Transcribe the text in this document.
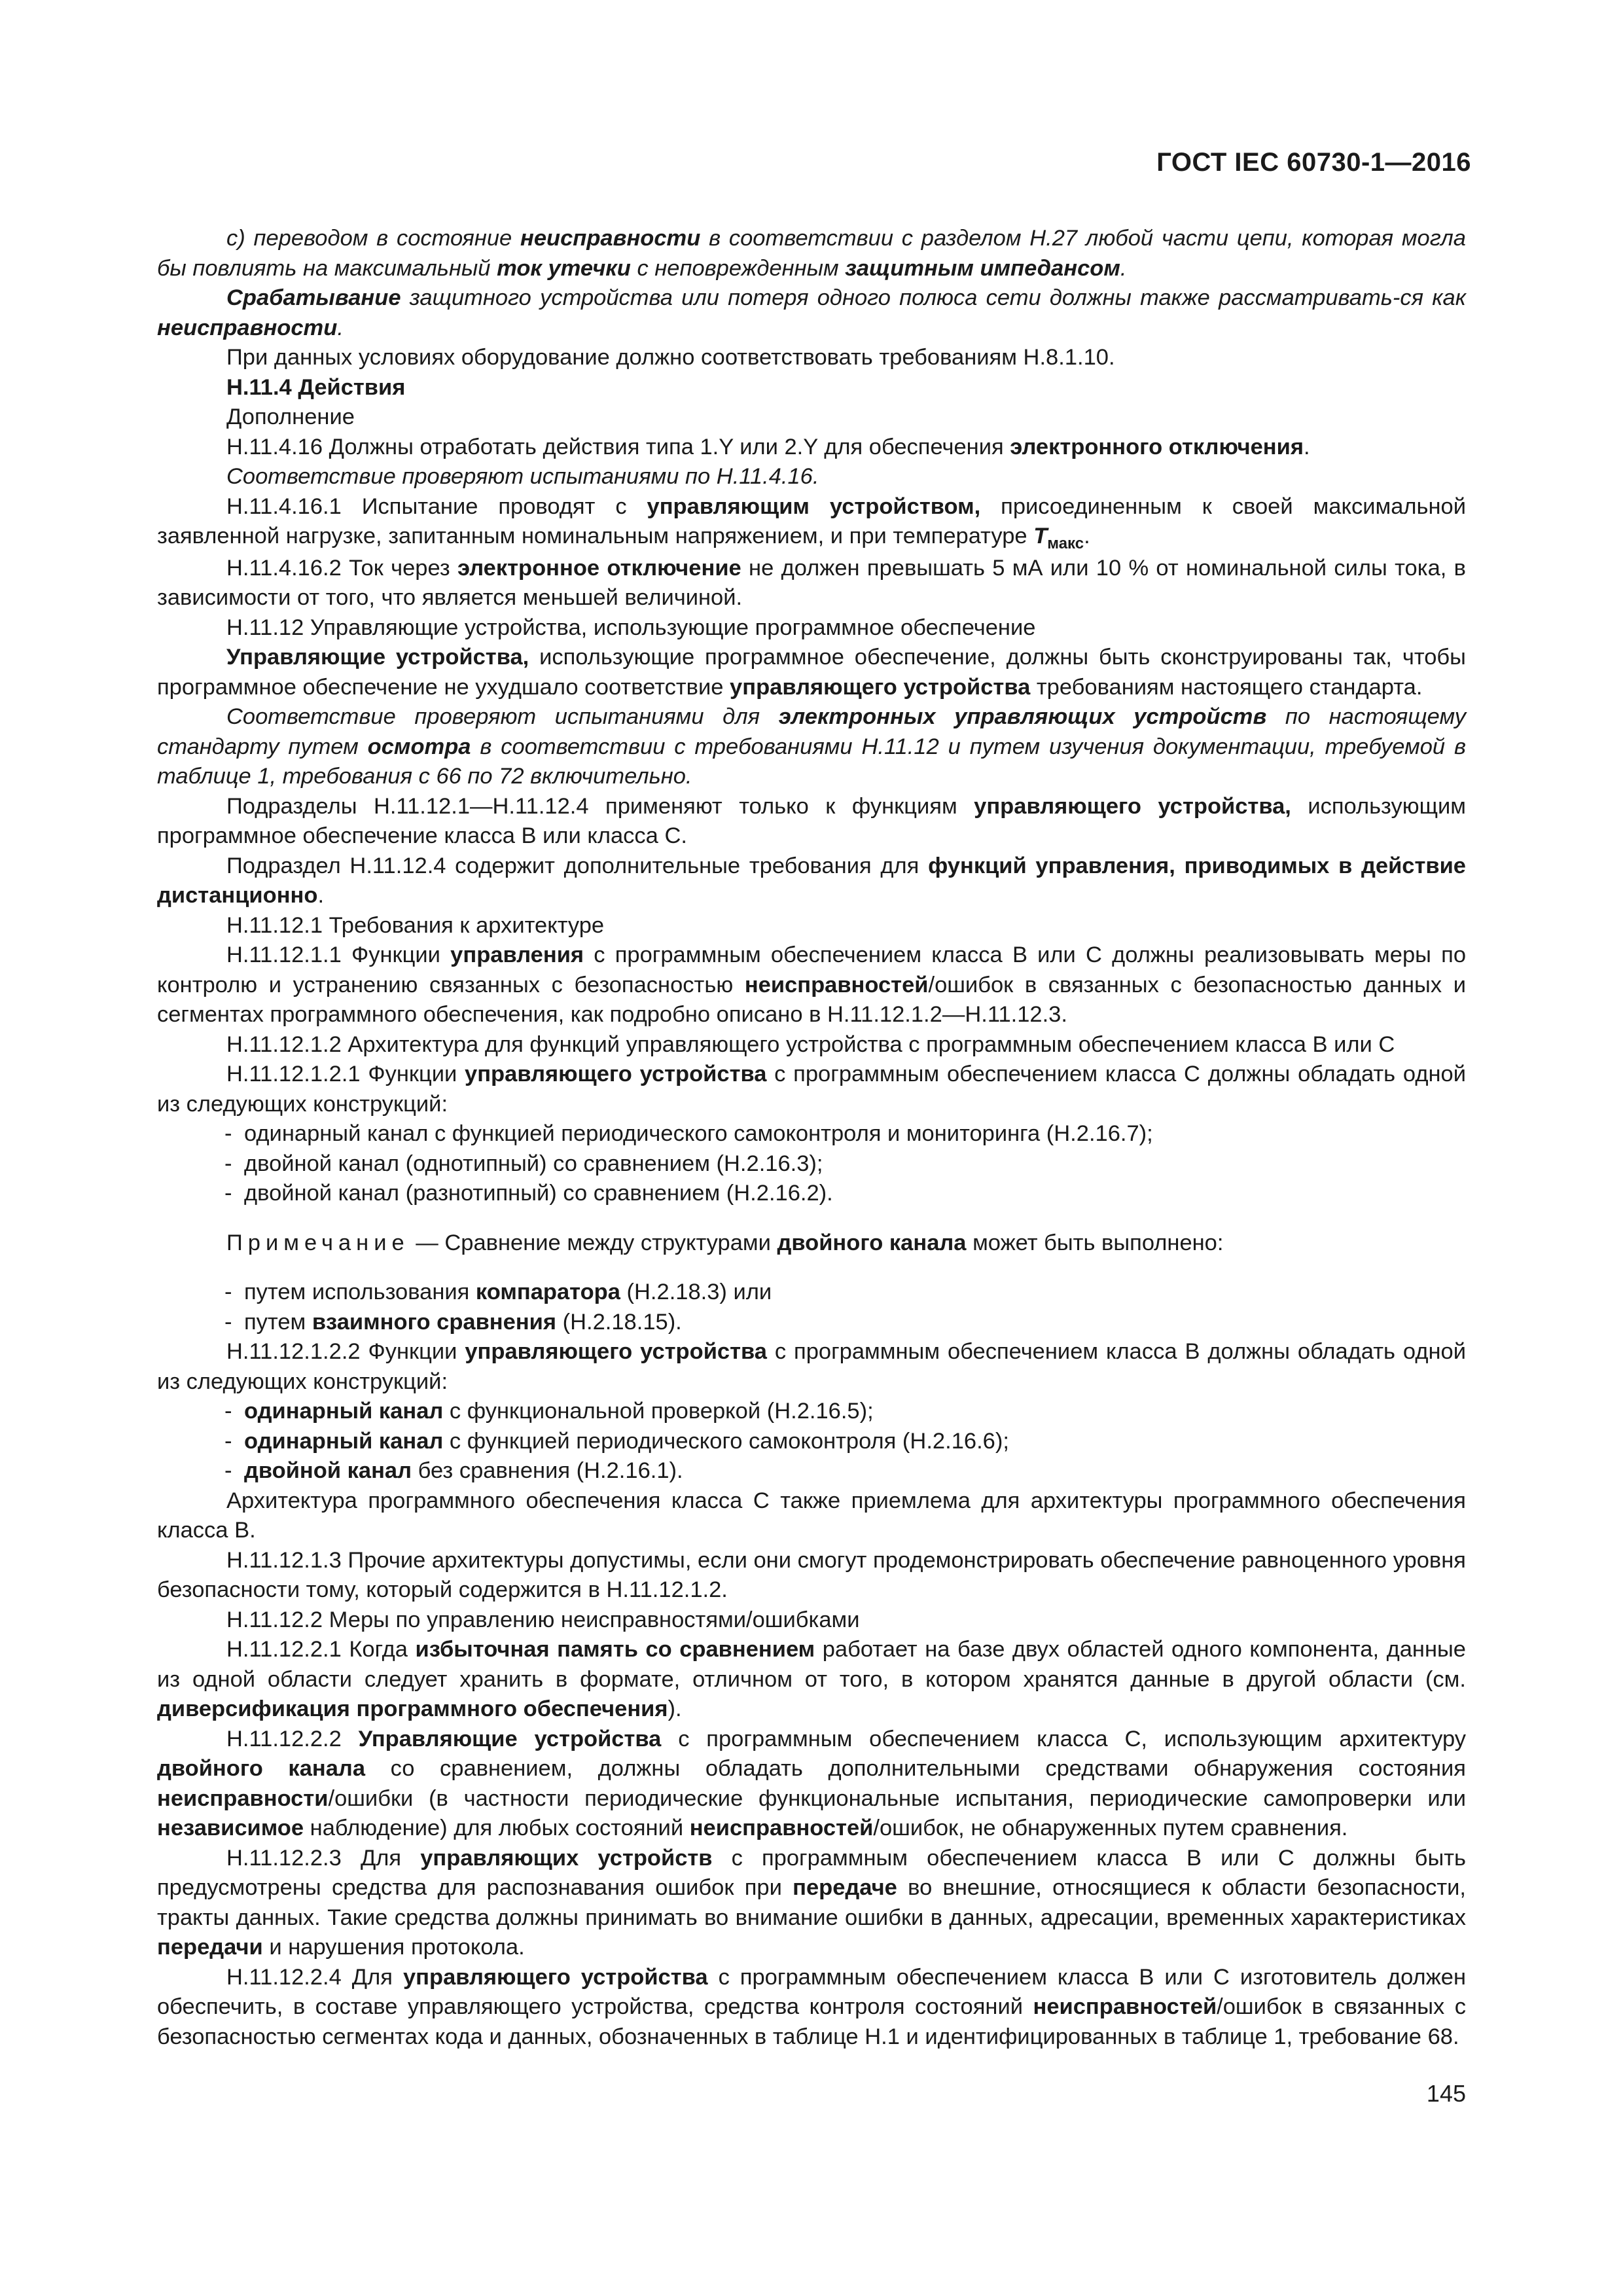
ГОСТ IEC 60730-1—2016

c) переводом в состояние неисправности в соответствии с разделом Н.27 любой части цепи, которая могла бы повлиять на максимальный ток утечки с неповрежденным защитным импедансом.

Срабатывание защитного устройства или потеря одного полюса сети должны также рассматривать-ся как неисправности.

При данных условиях оборудование должно соответствовать требованиям Н.8.1.10.

Н.11.4 Действия

Дополнение

Н.11.4.16 Должны отработать действия типа 1.Y или 2.Y для обеспечения электронного отключения.

Соответствие проверяют испытаниями по Н.11.4.16.

Н.11.4.16.1 Испытание проводят с управляющим устройством, присоединенным к своей максимальной заявленной нагрузке, запитанным номинальным напряжением, и при температуре $T_{макс}$.

Н.11.4.16.2 Ток через электронное отключение не должен превышать 5 мА или 10 % от номинальной силы тока, в зависимости от того, что является меньшей величиной.

Н.11.12 Управляющие устройства, использующие программное обеспечение

Управляющие устройства, использующие программное обеспечение, должны быть сконструированы так, чтобы программное обеспечение не ухудшало соответствие управляющего устройства требованиям настоящего стандарта.

Соответствие проверяют испытаниями для электронных управляющих устройств по настоящему стандарту путем осмотра в соответствии с требованиями Н.11.12 и путем изучения документации, требуемой в таблице 1, требования с 66 по 72 включительно.

Подразделы Н.11.12.1—Н.11.12.4 применяют только к функциям управляющего устройства, использующим программное обеспечение класса В или класса С.

Подраздел Н.11.12.4 содержит дополнительные требования для функций управления, приводимых в действие дистанционно.

Н.11.12.1 Требования к архитектуре

Н.11.12.1.1 Функции управления с программным обеспечением класса В или С должны реализовывать меры по контролю и устранению связанных с безопасностью неисправностей/ошибок в связанных с безопасностью данных и сегментах программного обеспечения, как подробно описано в Н.11.12.1.2—Н.11.12.3.

Н.11.12.1.2 Архитектура для функций управляющего устройства с программным обеспечением класса В или С

Н.11.12.1.2.1 Функции управляющего устройства с программным обеспечением класса С должны обладать одной из следующих конструкций:

- одинарный канал с функцией периодического самоконтроля и мониторинга (Н.2.16.7);
- двойной канал (однотипный) со сравнением (Н.2.16.3);
- двойной канал (разнотипный) со сравнением (Н.2.16.2).

Примечание — Сравнение между структурами двойного канала может быть выполнено:

- путем использования компаратора (Н.2.18.3) или
- путем взаимного сравнения (Н.2.18.15).

Н.11.12.1.2.2 Функции управляющего устройства с программным обеспечением класса В должны обладать одной из следующих конструкций:

- одинарный канал с функциональной проверкой (Н.2.16.5);
- одинарный канал с функцией периодического самоконтроля (Н.2.16.6);
- двойной канал без сравнения (Н.2.16.1).

Архитектура программного обеспечения класса С также приемлема для архитектуры программного обеспечения класса В.

Н.11.12.1.3 Прочие архитектуры допустимы, если они смогут продемонстрировать обеспечение равноценного уровня безопасности тому, который содержится в Н.11.12.1.2.

Н.11.12.2 Меры по управлению неисправностями/ошибками

Н.11.12.2.1 Когда избыточная память со сравнением работает на базе двух областей одного компонента, данные из одной области следует хранить в формате, отличном от того, в котором хранятся данные в другой области (см. диверсификация программного обеспечения).

Н.11.12.2.2 Управляющие устройства с программным обеспечением класса С, использующим архитектуру двойного канала со сравнением, должны обладать дополнительными средствами обнаружения состояния неисправности/ошибки (в частности периодические функциональные испытания, периодические самопроверки или независимое наблюдение) для любых состояний неисправностей/ошибок, не обнаруженных путем сравнения.

Н.11.12.2.3 Для управляющих устройств с программным обеспечением класса В или С должны быть предусмотрены средства для распознавания ошибок при передаче во внешние, относящиеся к области безопасности, тракты данных. Такие средства должны принимать во внимание ошибки в данных, адресации, временных характеристиках передачи и нарушения протокола.

Н.11.12.2.4 Для управляющего устройства с программным обеспечением класса В или С изготовитель должен обеспечить, в составе управляющего устройства, средства контроля состояний неисправностей/ошибок в связанных с безопасностью сегментах кода и данных, обозначенных в таблице Н.1 и идентифицированных в таблице 1, требование 68.

145
